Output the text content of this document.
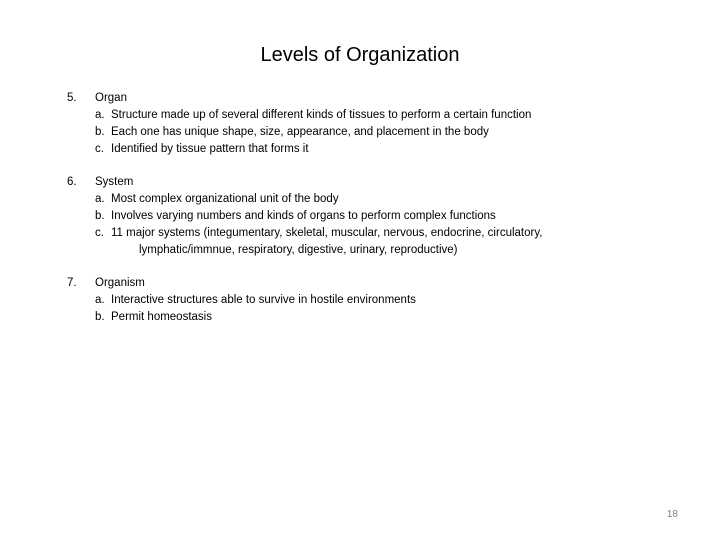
Levels of Organization
5. Organ
a. Structure made up of several different kinds of tissues to perform a certain function
b. Each one has unique shape, size, appearance, and placement in the body
c. Identified by tissue pattern that forms it
6. System
a. Most complex organizational unit of the body
b. Involves varying numbers and kinds of organs to perform complex functions
c. 11 major systems (integumentary, skeletal, muscular, nervous, endocrine, circulatory,
lymphatic/immnue, respiratory, digestive, urinary, reproductive)
7. Organism
a. Interactive structures able to survive in hostile environments
b. Permit homeostasis
18
